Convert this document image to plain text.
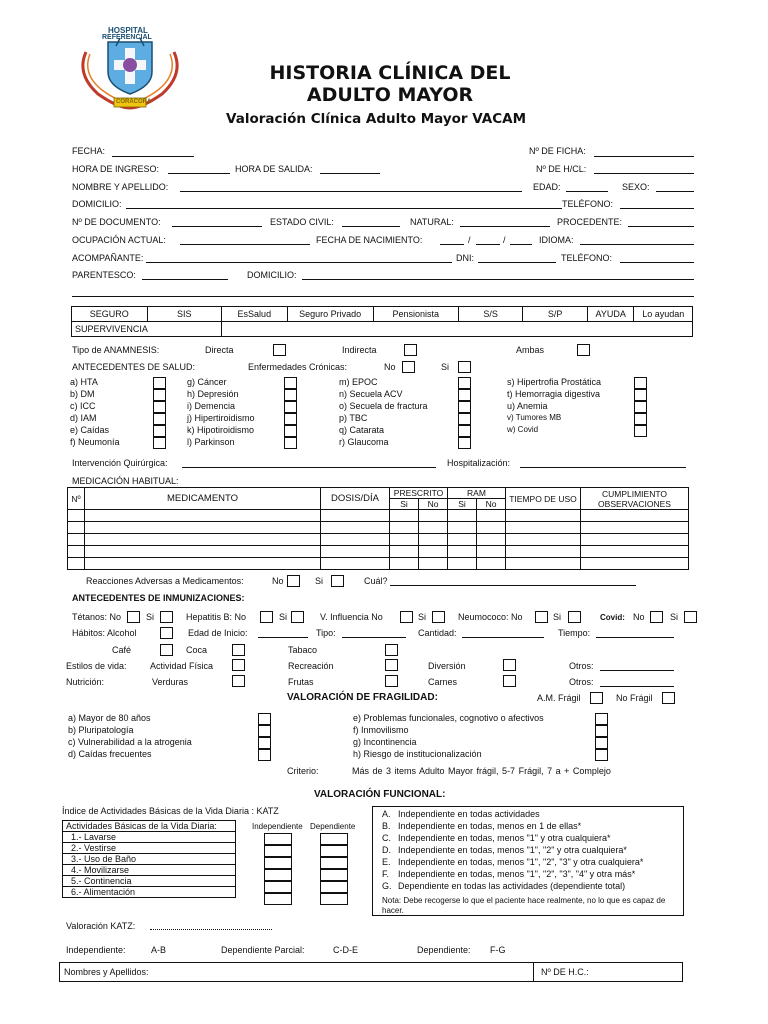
HOSPITAL
REFERENCIAL
CORACORA
HISTORIA CLÍNICA DEL
ADULTO MAYOR
Valoración Clínica Adulto Mayor VACAM
FECHA:	Nº DE FICHA:
HORA DE INGRESO:	HORA DE SALIDA:	Nº DE H/CL:
NOMBRE Y APELLIDO:	EDAD:	SEXO:
DOMICILIO:	TELÉFONO:
Nº DE DOCUMENTO:	ESTADO CIVIL:	NATURAL:	PROCEDENTE:
OCUPACIÓN ACTUAL:	FECHA DE NACIMIENTO:	/	/	IDIOMA:
ACOMPAÑANTE:	DNI:	TELÉFONO:
PARENTESCO:	DOMICILIO:
SEGURO	SIS	EsSalud	Seguro Privado	Pensionista	S/S	S/P	AYUDA	Lo ayudan
SUPERVIVENCIA								
Tipo de ANAMNESIS:	Directa	Indirecta	Ambas
ANTECEDENTES DE SALUD:	Enfermedades Crónicas:	No	Si
a) HTA
b) DM
c) ICC
d) IAM
e) Caídas
f) Neumonía
g) Cáncer
h) Depresión
i) Demencia
j) Hipertiroidismo
k) Hipotiroidismo
l) Parkinson
m) EPOC
n) Secuela ACV
o) Secuela de fractura
p) TBC
q) Catarata
r) Glaucoma
s) Hipertrofia Prostática
t) Hemorragia digestiva
u) Anemia
v) Tumores MB
w) Covid
Intervención Quirúrgica:	Hospitalización:
MEDICACIÓN HABITUAL:
Nº	MEDICAMENTO	DOSIS/DÍA	PRESCRITO		RAM		TIEMPO DE USO	CUMPLIMIENTO OBSERVACIONES
			Si	No	Si	No		

Reacciones Adversas a Medicamentos:	No	Si	Cuál?
ANTECEDENTES DE INMUNIZACIONES:
Tétanos: No	Si	Hepatitis B: No	Si	V. Influencia No	Si	Neumococo: No	Si	Covid: No	Si
Hábitos: Alcohol	Edad de Inicio:	Tipo:	Cantidad:	Tiempo:
Café	Coca	Tabaco
Estilos de vida:	Actividad Física	Recreación	Diversión	Otros:
Nutrición:	Verduras	Frutas	Carnes	Otros:
VALORACIÓN DE FRAGILIDAD:	A.M. Frágil	No Frágil
a) Mayor de 80 años
b) Pluripatología
c) Vulnerabilidad a la atrogenia
d) Caídas frecuentes
e) Problemas funcionales, cognotivo o afectivos
f) Inmovilismo
g) Incontinencia
h) Riesgo de institucionalización
Criterio:	Más de 3 items Adulto Mayor frágil, 5-7 Frágil, 7 a + Complejo
VALORACIÓN FUNCIONAL:
Índice de Actividades Básicas de la Vida Diaria : KATZ
Actividades Básicas de la Vida Diaria:
1.- Lavarse
2.- Vestirse
3.- Uso de Baño
4.- Movilizarse
5.- Continencia
6.- Alimentación
Independiente Dependiente
A. Independiente en todas actividades
B. Independiente en todas, menos en 1 de ellas*
C. Independiente en todas, menos "1" y otra cualquiera*
D. Independiente en todas, menos "1", "2" y otra cualquiera*
E. Independiente en todas, menos "1", "2", "3" y otra cualquiera*
F. Independiente en todas, menos "1", "2", "3", "4" y otra más*
G. Dependiente en todas las actividades (dependiente total)
Nota: Debe recogerse lo que el paciente hace realmente, no lo que es capaz de hacer.
Valoración KATZ:
Independiente:	A-B	Dependiente Parcial:	C-D-E	Dependiente: F-G
Nombres y Apellidos:	Nº DE H.C.:
